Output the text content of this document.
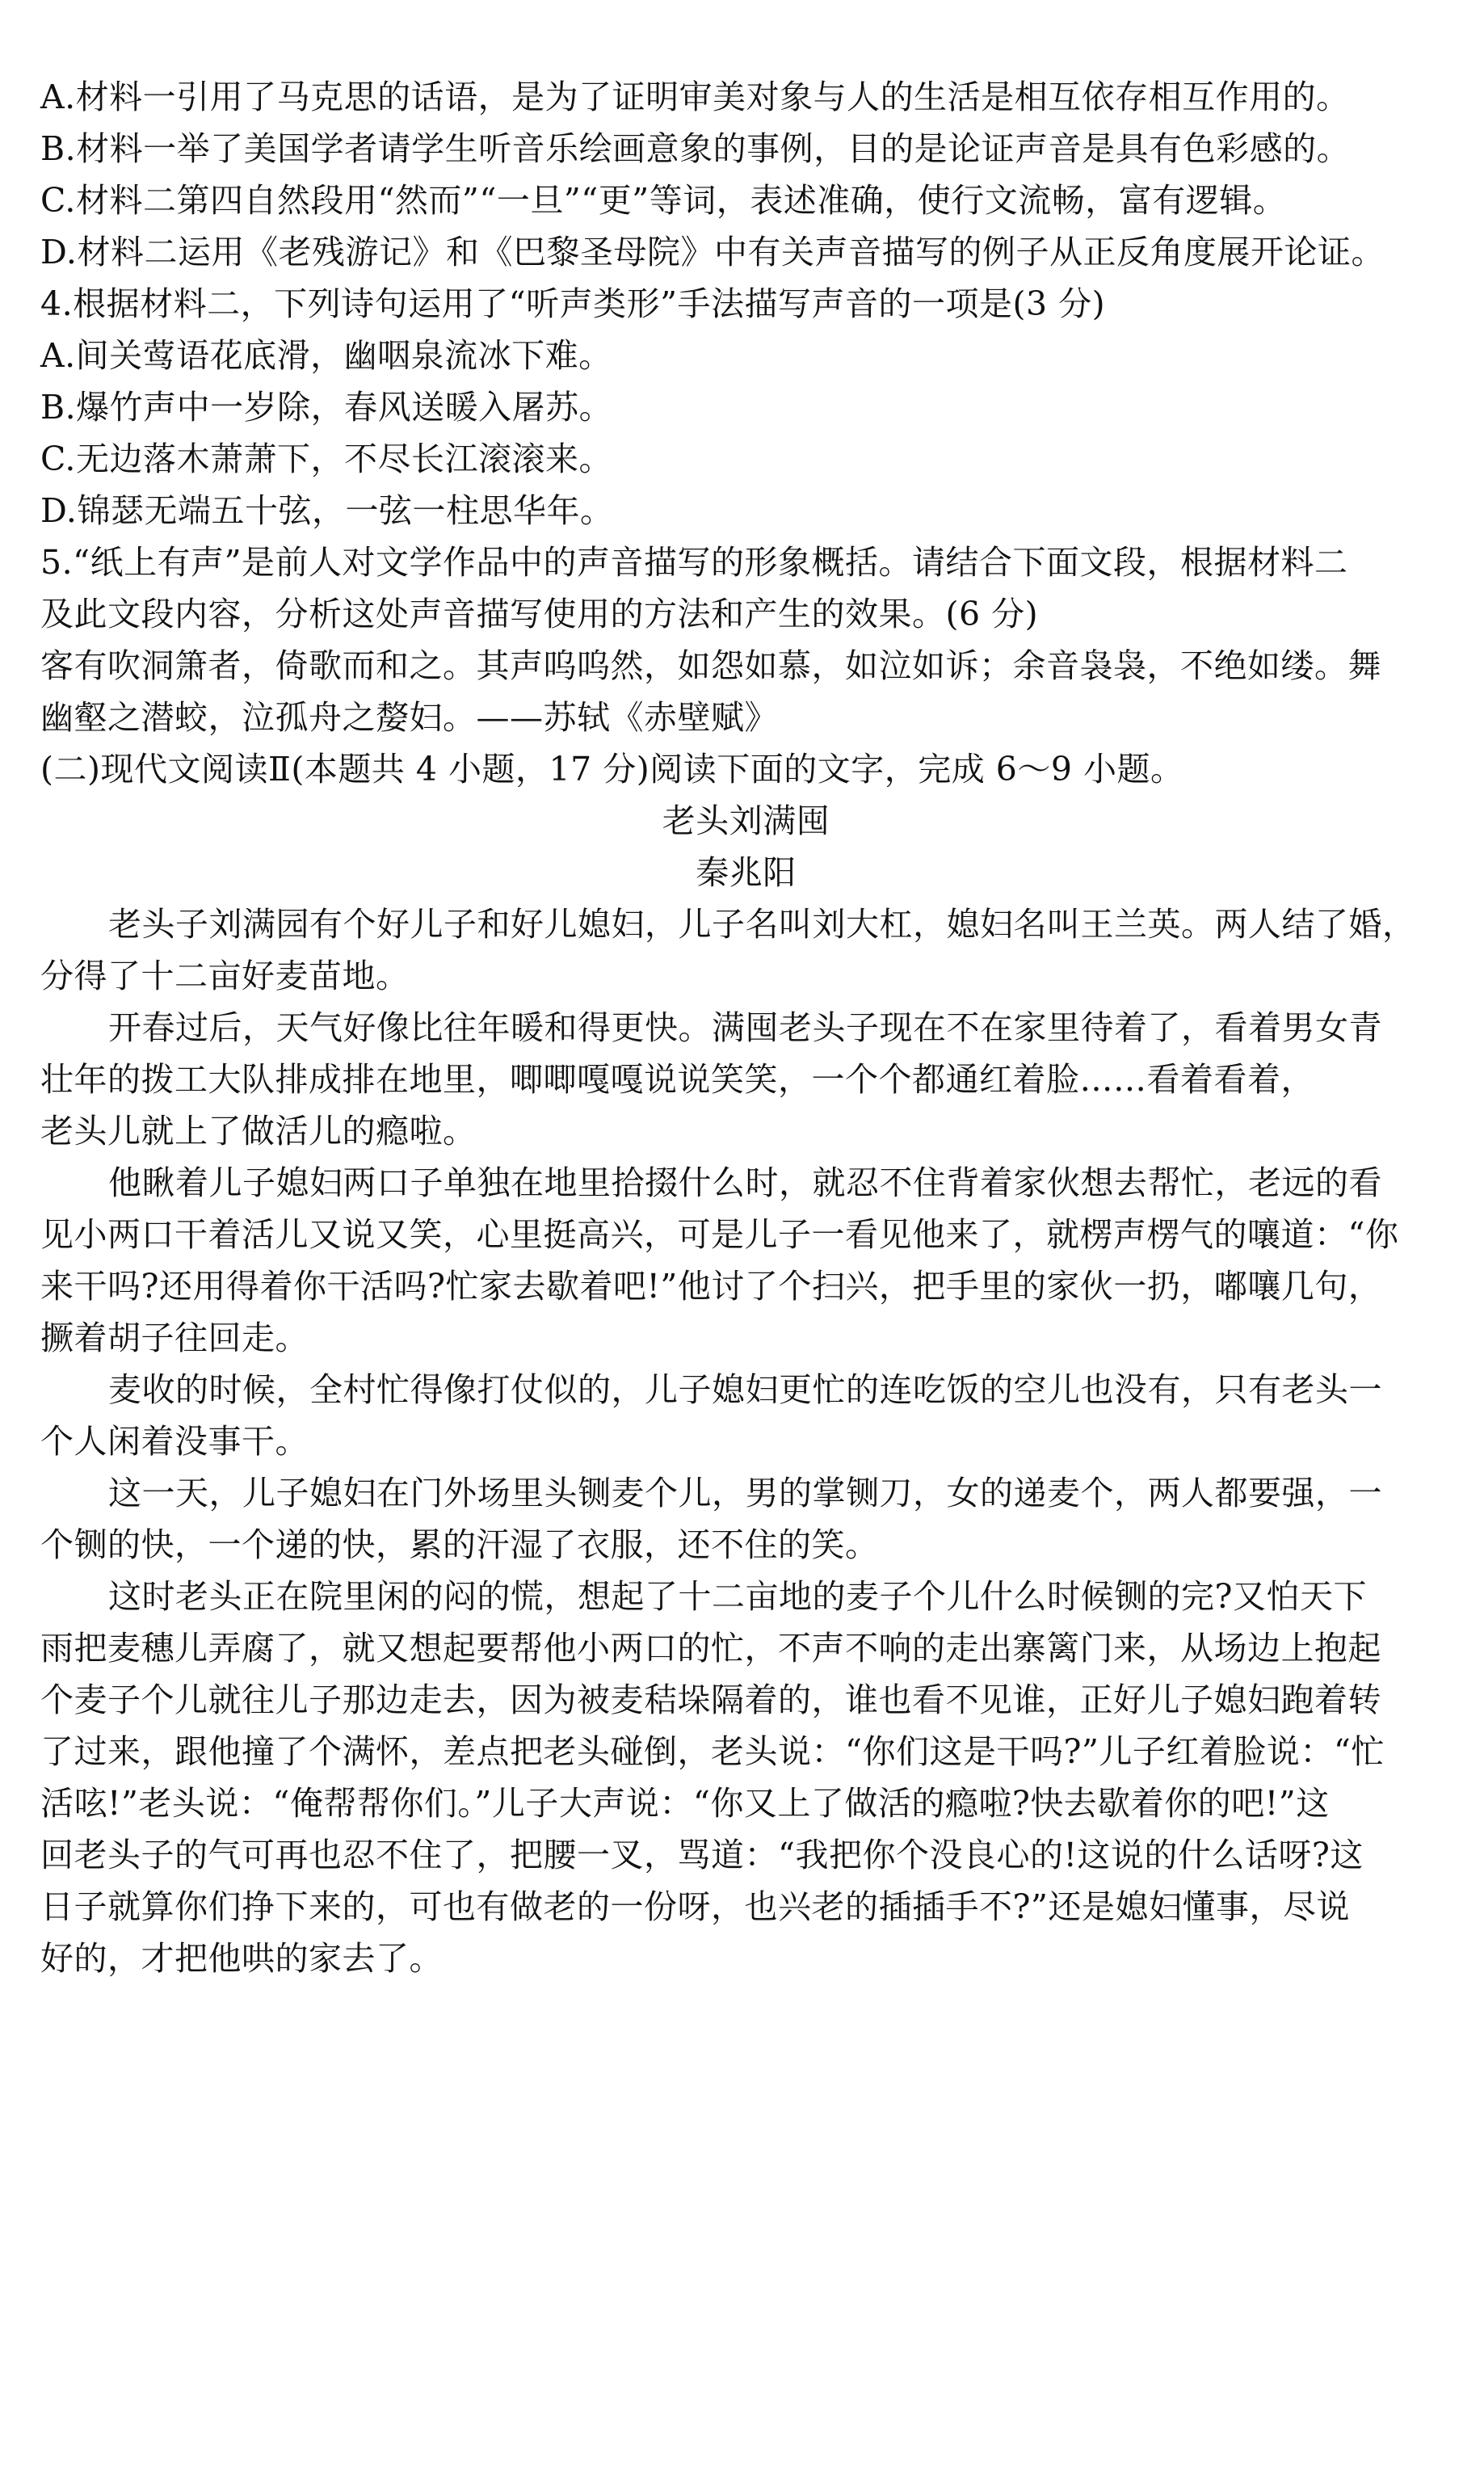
A.材料一引用了马克思的话语，是为了证明审美对象与人的生活是相互依存相互作用的。
B.材料一举了美国学者请学生听音乐绘画意象的事例，目的是论证声音是具有色彩感的。
C.材料二第四自然段用“然而”“一旦”“更”等词，表述准确，使行文流畅，富有逻辑。
D.材料二运用《老残游记》和《巴黎圣母院》中有关声音描写的例子从正反角度展开论证。
4.根据材料二，下列诗句运用了“听声类形”手法描写声音的一项是(3 分)
A.间关莺语花底滑，幽咽泉流冰下难。
B.爆竹声中一岁除，春风送暖入屠苏。
C.无边落木萧萧下，不尽长江滚滚来。
D.锦瑟无端五十弦，一弦一柱思华年。
5.“纸上有声”是前人对文学作品中的声音描写的形象概括。请结合下面文段，根据材料二
及此文段内容，分析这处声音描写使用的方法和产生的效果。(6 分)
客有吹洞箫者，倚歌而和之。其声呜呜然，如怨如慕，如泣如诉；余音袅袅，不绝如缕。舞
幽壑之潜蛟，泣孤舟之嫠妇。——苏轼《赤壁赋》
(二)现代文阅读Ⅱ(本题共 4 小题，17 分)阅读下面的文字，完成 6～9 小题。
老头刘满囤
秦兆阳
老头子刘满园有个好儿子和好儿媳妇，儿子名叫刘大杠，媳妇名叫王兰英。两人结了婚，
分得了十二亩好麦苗地。
开春过后，天气好像比往年暖和得更快。满囤老头子现在不在家里待着了，看着男女青
壮年的拨工大队排成排在地里，唧唧嘎嘎说说笑笑，一个个都通红着脸……看着看着，
老头儿就上了做活儿的瘾啦。
他瞅着儿子媳妇两口子单独在地里拾掇什么时，就忍不住背着家伙想去帮忙，老远的看
见小两口干着活儿又说又笑，心里挺高兴，可是儿子一看见他来了，就楞声楞气的嚷道：“你
来干吗?还用得着你干活吗?忙家去歇着吧!”他讨了个扫兴，把手里的家伙一扔，嘟嚷几句，
撅着胡子往回走。
麦收的时候，全村忙得像打仗似的，儿子媳妇更忙的连吃饭的空儿也没有，只有老头一
个人闲着没事干。
这一天，儿子媳妇在门外场里头铡麦个儿，男的掌铡刀，女的递麦个，两人都要强，一
个铡的快，一个递的快，累的汗湿了衣服，还不住的笑。
这时老头正在院里闲的闷的慌，想起了十二亩地的麦子个儿什么时候铡的完?又怕天下
雨把麦穗儿弄腐了，就又想起要帮他小两口的忙，不声不响的走出寨篱门来，从场边上抱起
个麦子个儿就往儿子那边走去，因为被麦秸垛隔着的，谁也看不见谁，正好儿子媳妇跑着转
了过来，跟他撞了个满怀，差点把老头碰倒，老头说：“你们这是干吗?”儿子红着脸说：“忙
活呟!”老头说：“俺帮帮你们。”儿子大声说：“你又上了做活的瘾啦?快去歇着你的吧!”这
回老头子的气可再也忍不住了，把腰一叉，骂道：“我把你个没良心的!这说的什么话呀?这
日子就算你们挣下来的，可也有做老的一份呀，也兴老的插插手不?”还是媳妇懂事，尽说
好的，才把他哄的家去了。
